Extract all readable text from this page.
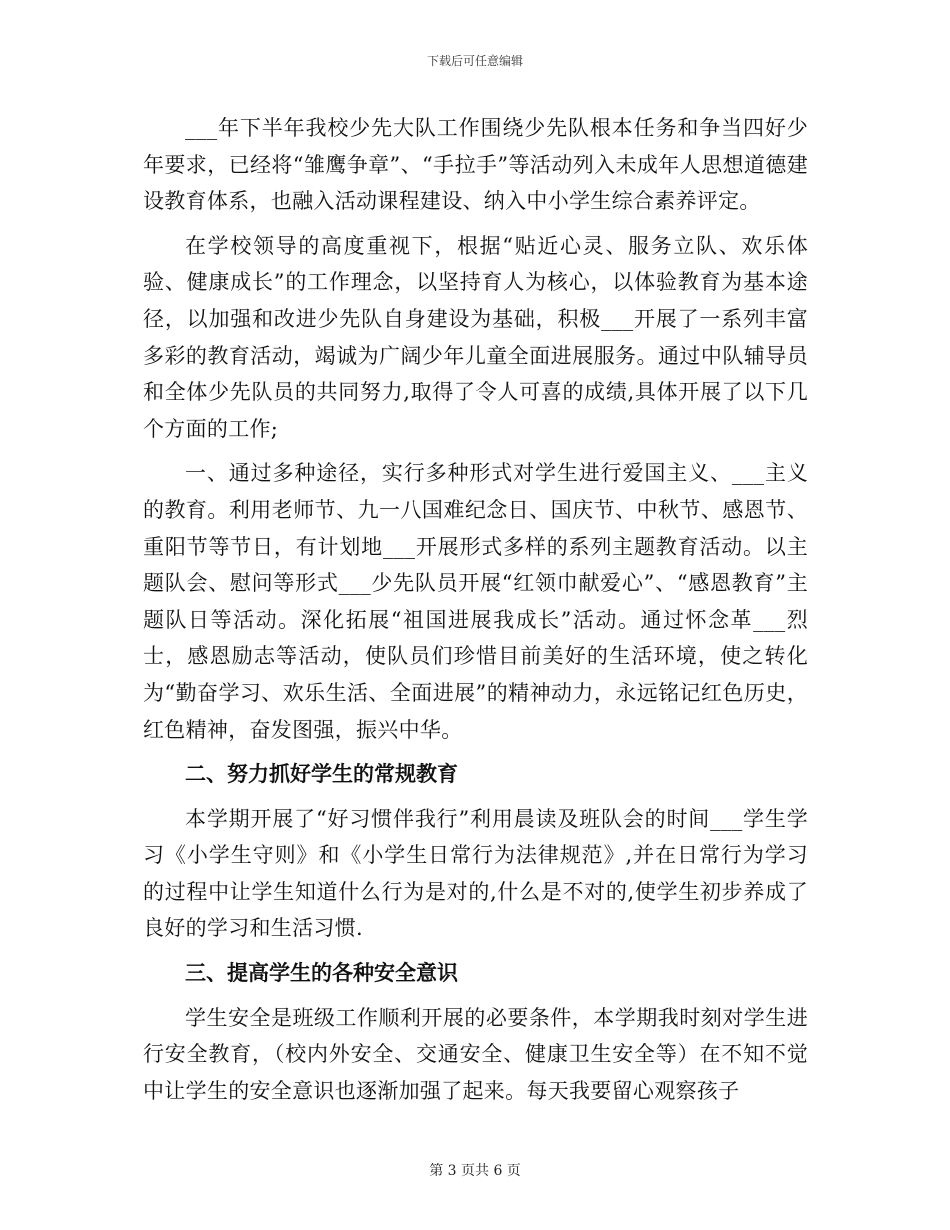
下载后可任意编辑

___年下半年我校少先大队工作围绕少先队根本任务和争当四好少年要求，已经将“雏鹰争章”、“手拉手”等活动列入未成年人思想道德建设教育体系，也融入活动课程建设、纳入中小学生综合素养评定。

在学校领导的高度重视下，根据“贴近心灵、服务立队、欢乐体验、健康成长”的工作理念，以坚持育人为核心，以体验教育为基本途径，以加强和改进少先队自身建设为基础，积极___开展了一系列丰富多彩的教育活动，竭诚为广阔少年儿童全面进展服务。通过中队辅导员和全体少先队员的共同努力,取得了令人可喜的成绩,具体开展了以下几个方面的工作;

一、通过多种途径，实行多种形式对学生进行爱国主义、___主义的教育。利用老师节、九一八国难纪念日、国庆节、中秋节、感恩节、重阳节等节日，有计划地___开展形式多样的系列主题教育活动。以主题队会、慰问等形式___少先队员开展“红领巾献爱心”、“感恩教育”主题队日等活动。深化拓展“祖国进展我成长”活动。通过怀念革___烈士，感恩励志等活动，使队员们珍惜目前美好的生活环境，使之转化为“勤奋学习、欢乐生活、全面进展”的精神动力，永远铭记红色历史，红色精神，奋发图强，振兴中华。

二、努力抓好学生的常规教育

本学期开展了“好习惯伴我行”利用晨读及班队会的时间___学生学习《小学生守则》和《小学生日常行为法律规范》,并在日常行为学习的过程中让学生知道什么行为是对的,什么是不对的,使学生初步养成了良好的学习和生活习惯.

三、提高学生的各种安全意识

学生安全是班级工作顺利开展的必要条件，本学期我时刻对学生进行安全教育，（校内外安全、交通安全、健康卫生安全等）在不知不觉中让学生的安全意识也逐渐加强了起来。每天我要留心观察孩子

第 3 页共 6 页
